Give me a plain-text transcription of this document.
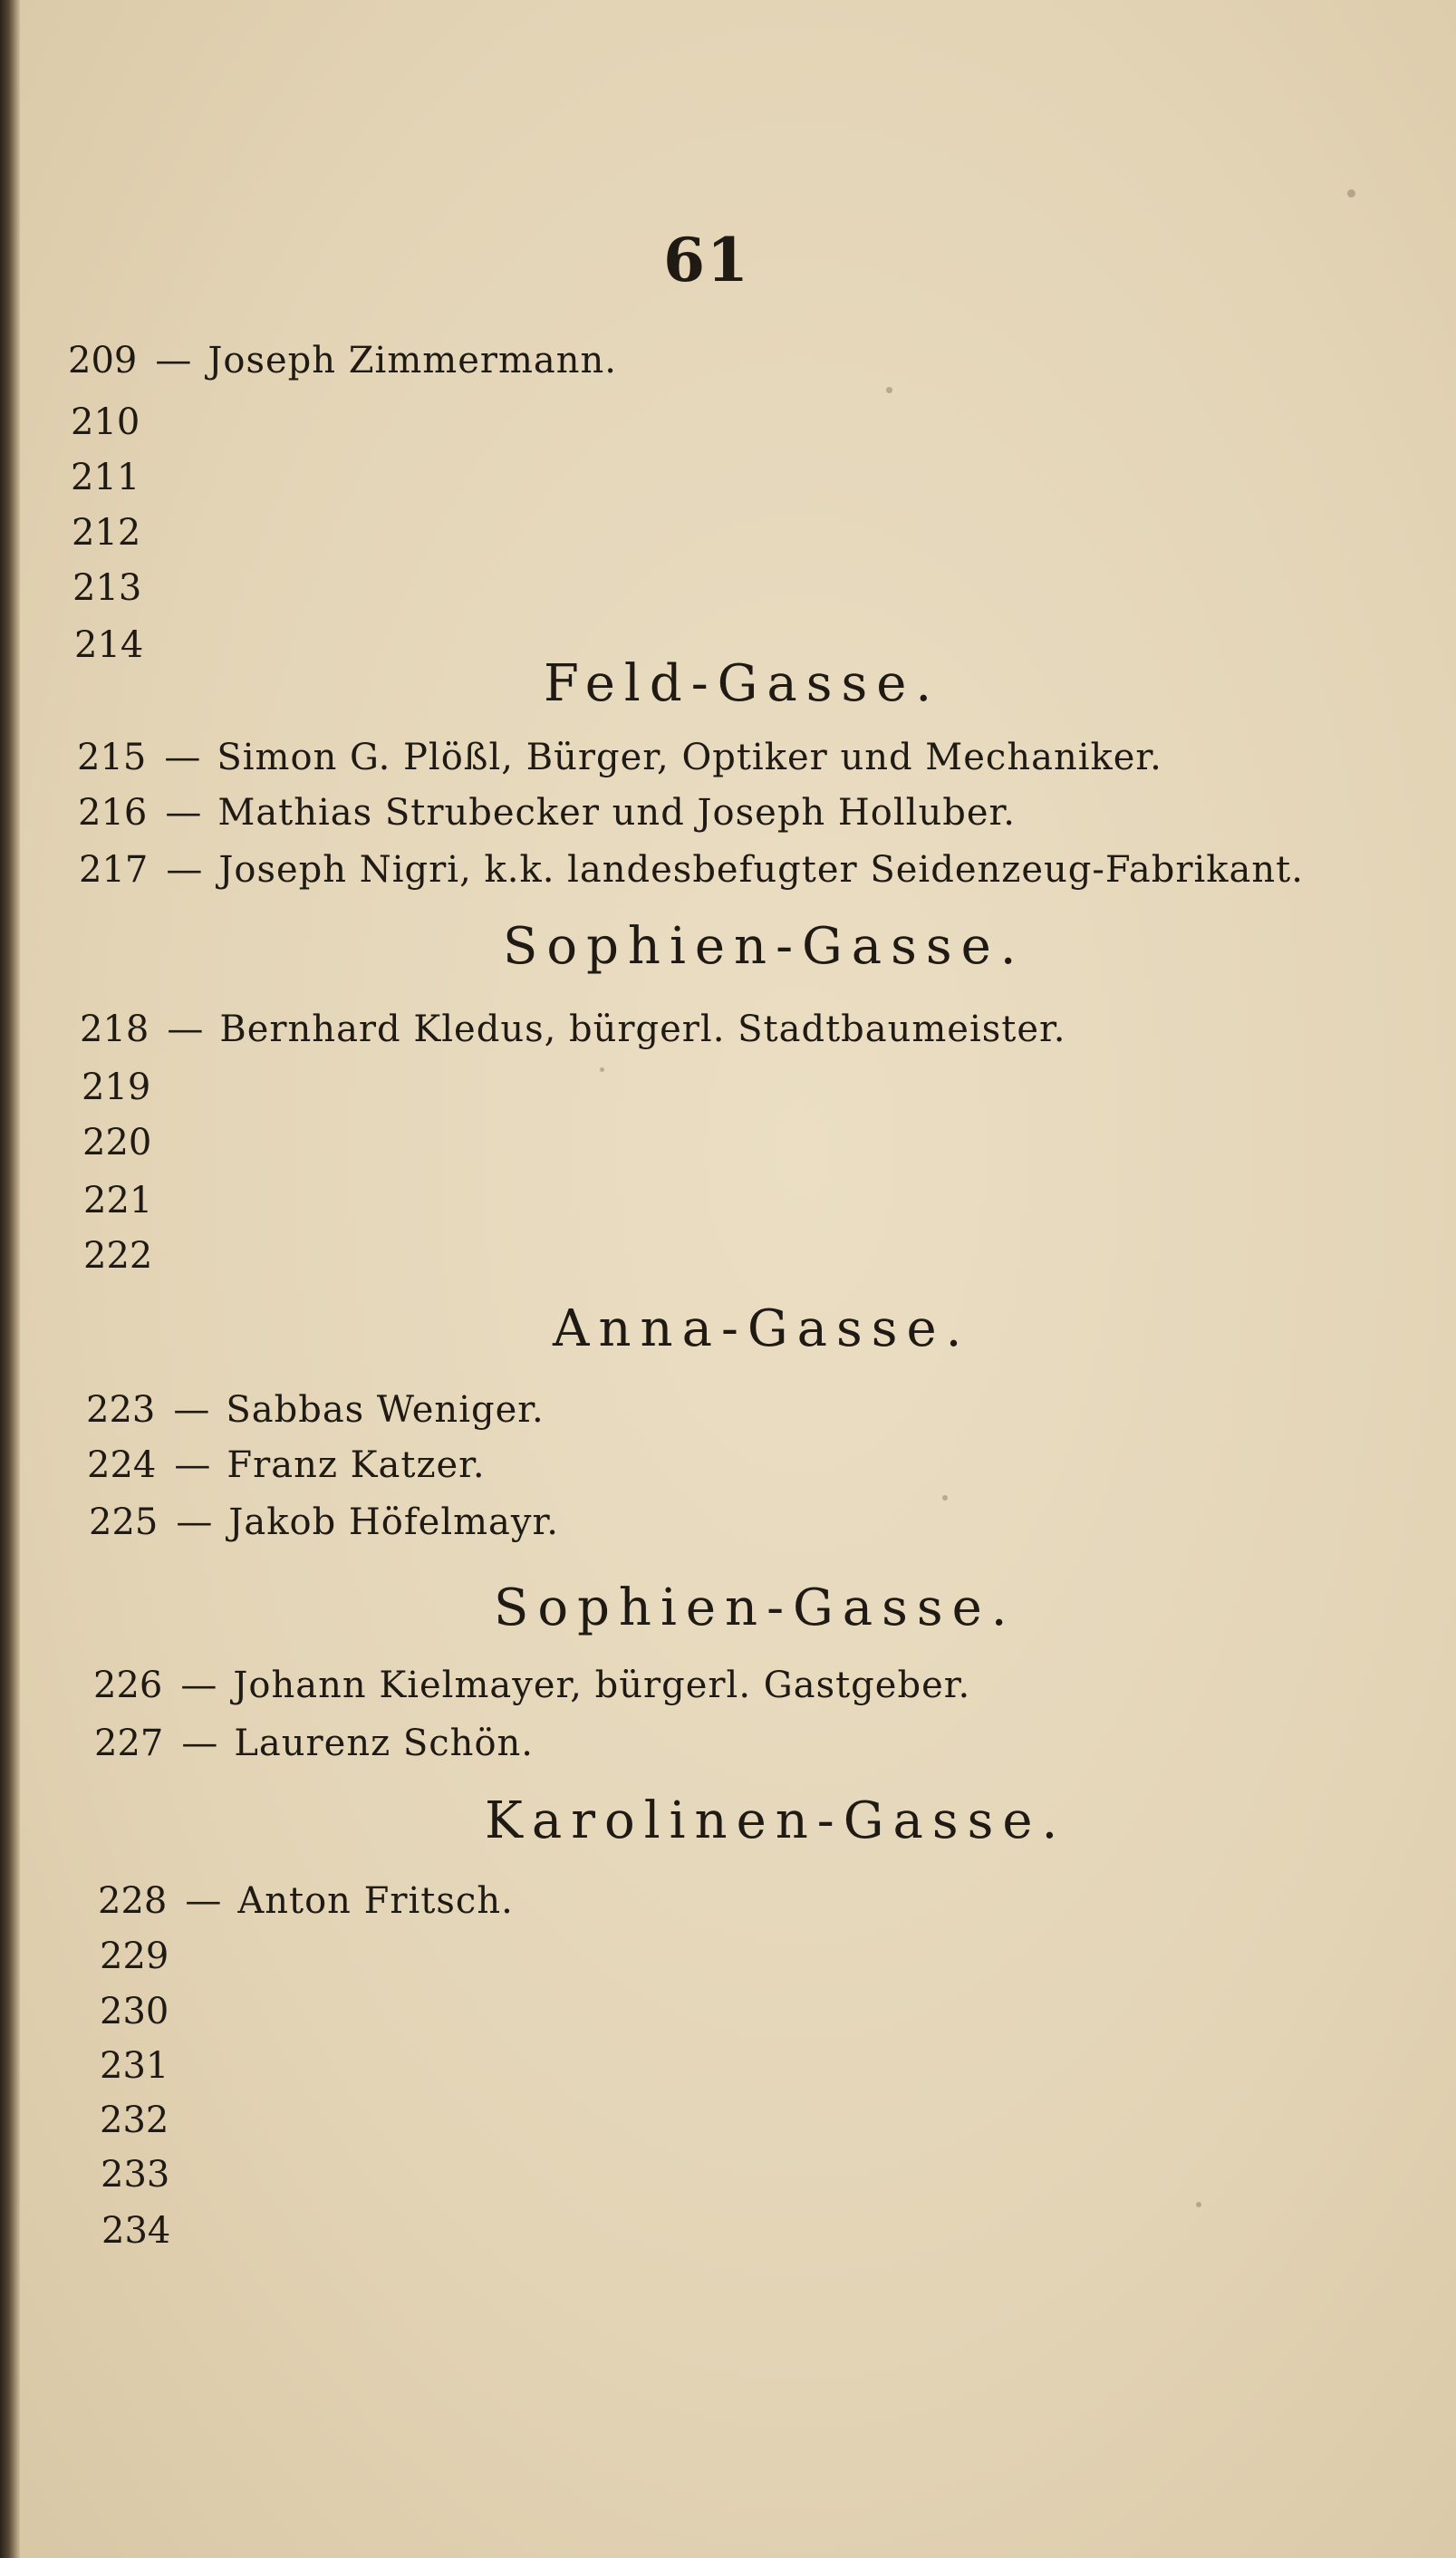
61
209 — Joseph Zimmermann.
210
211
212
213
214
Feld-Gasse.
215 — Simon G. Plößl, Bürger, Optiker und Mechaniker.
216 — Mathias Strubecker und Joseph Holluber.
217 — Joseph Nigri, k.k. landesbefugter Seidenzeug-Fabrikant.
Sophien-Gasse.
218 — Bernhard Kledus, bürgerl. Stadtbaumeister.
219
220
221
222
Anna-Gasse.
223 — Sabbas Weniger.
224 — Franz Katzer.
225 — Jakob Höfelmayr.
Sophien-Gasse.
226 — Johann Kielmayer, bürgerl. Gastgeber.
227 — Laurenz Schön.
Karolinen-Gasse.
228 — Anton Fritsch.
229
230
231
232
233
234
